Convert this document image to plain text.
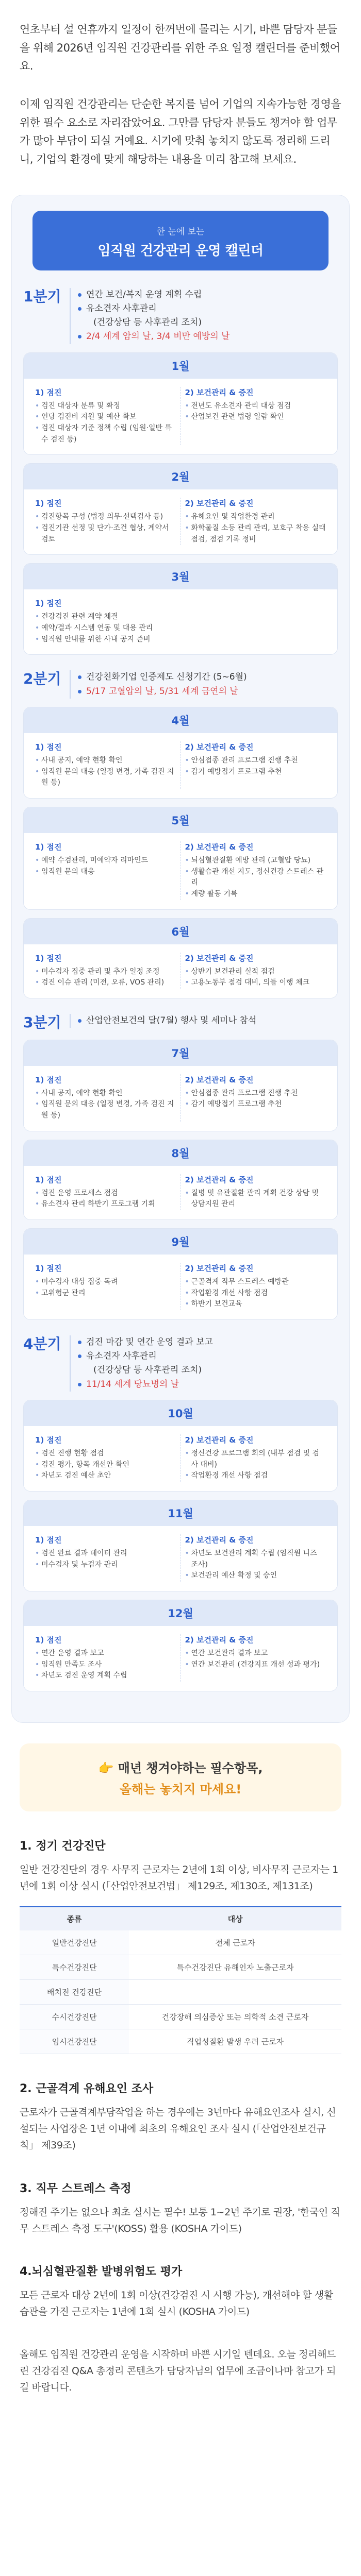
연초부터 설 연휴까지 일정이 한꺼번에 몰리는 시기, 바쁜 담당자 분들을 위해 2026년 임직원 건강관리를 위한 주요 일정 캘린더를 준비했어요.

이제 임직원 건강관리는 단순한 복지를 넘어 기업의 지속가능한 경영을 위한 필수 요소로 자리잡았어요. 그만큼 담당자 분들도 챙겨야 할 업무가 많아 부담이 되실 거예요. 시기에 맞춰 놓치지 않도록 정리해 드리니, 기업의 환경에 맞게 해당하는 내용을 미리 참고해 보세요.

한 눈에 보는
임직원 건강관리 운영 캘린더
1분기	연간 보건/복지 운영 계획 수립
유소견자 사후관리
(건강상담 등 사후관리 조치)
2/4 세계 암의 날, 3/4 비만 예방의 날
1월
1) 점진
• 검진 대상자 분류 및 확정
• 인당 검진비 지원 및 예산 확보
• 검진 대상자 기준 정책 수립 (임원·일반 특수 검진 등)
2) 보건관리 & 증진
• 전년도 유소견자 관리 대상 점검
• 산업보건 관련 법령 일람 확인
2월
1) 점진
• 검진항목 구성 (법정 의무·선택검사 등)
• 검진기관 선정 및 단가·조건 협상, 계약서 검토
2) 보건관리 & 증진
• 유해요인 및 작업환경 관리
• 화학물질 소등 관리 관리, 보호구 착용 실태 점검, 점검 기록 정비
3월
1) 점진
• 건강검진 관련 계약 체결
• 예약/결과 시스템 연동 및 대용 관리
• 임직원 안내를 위한 사내 공지 준비
2분기	건강친화기업 인증제도 신청기간 (5~6월)
5/17 고혈압의 날, 5/31 세계 금연의 날
4월
1) 점진
• 사내 공지, 예약 현황 확인
• 임직원 문의 대응 (일정 변경, 가족 검진 지원 등)
2) 보건관리 & 증진
• 안심접종 관리 프로그램 진행 추천
• 감기 예방접기 프로그램 추천
5월
1) 점진
• 예약 수검관리, 미예약자 리마인드
• 임직원 문의 대응
2) 보건관리 & 증진
• 뇌심혈관질환 예방 관리 (고혈압 당뇨)
• 생활습관 개선 지도, 정신건강 스트레스 관리
• 계량 활동 기록
6월
1) 점진
• 미수검자 집중 관리 및 추가 일정 조정
• 검진 이슈 관리 (미전, 오류, VOS 관리)
2) 보건관리 & 증진
• 상반기 보건관리 실적 점검
• 고용노동부 점검 대비, 의들 이행 체크
3분기	산업안전보건의 달(7월) 행사 및 세미나 참석
7월
1) 점진
• 사내 공지, 예약 현황 확인
• 임직원 문의 대응 (일정 변경, 가족 검진 지원 등)
2) 보건관리 & 증진
• 안심접종 관리 프로그램 진행 추천
• 감기 예방접기 프로그램 추천
8월
1) 점진
• 검진 운영 프로세스 점검
• 유소견자 관리 하반기 프로그램 기획
2) 보건관리 & 증진
• 질병 및 유관질환 관리 계획 건강 상담 및 상담지원 관리
9월
1) 점진
• 미수검자 대상 집중 독려
• 고위험군 관리
2) 보건관리 & 증진
• 근골격계 직무 스트레스 예방관
• 작업환경 개선 사항 점검
• 하반기 보건교육
4분기	검진 마감 및 연간 운영 결과 보고
유소견자 사후관리
(건강상담 등 사후관리 조치)
11/14 세계 당뇨병의 날
10월
1) 점진
• 검진 진행 현황 점검
• 검진 평가, 항목 개선안 확인
• 차년도 검진 예산 초안
2) 보건관리 & 증진
• 정신건강 프로그램 회의 (내부 점검 및 검사 대비)
• 작업환경 개선 사항 점검
11월
1) 점진
• 검진 완료 결과 데이터 관리
• 미수검자 및 누검자 관리
2) 보건관리 & 증진
• 차년도 보건관리 계획 수립 (임직원 니즈 조사)
• 보건관리 예산 확정 및 승인
12월
1) 점진
• 연간 운영 결과 보고
• 임직원 만족도 조사
• 차년도 검진 운영 계획 수립
2) 보건관리 & 증진
• 연간 보건관리 결과 보고
• 연간 보건관리 (건강지표 개선 성과 평가)
👉 매년 챙겨야하는 필수항목,
올해는 놓치지 마세요!
1. 정기 건강진단

일반 건강진단의 경우 사무직 근로자는 2년에 1회 이상, 비사무직 근로자는 1년에 1회 이상 실시 (「산업안전보건법」 제129조, 제130조, 제131조)

종류	대상
일반건강진단	전체 근로자
특수건강진단	특수건강진단 유해인자 노출근로자
배치전 건강진단	
수시건강진단	건강장해 의심증상 또는 의학적 소견 근로자
임시건강진단	직업성질환 발생 우려 근로자
2. 근골격계 유해요인 조사

근로자가 근골격계부담작업을 하는 경우에는 3년마다 유해요인조사 실시, 신설되는 사업장은 1년 이내에 최초의 유해요인 조사 실시 (「산업안전보건규칙」 제39조)

3. 직무 스트레스 측정

정해진 주기는 없으나 최초 실시는 필수! 보통 1~2년 주기로 권장, '한국인 직무 스트레스 측정 도구'(KOSS) 활용 (KOSHA 가이드)

4.뇌심혈관질환 발병위험도 평가

모든 근로자 대상 2년에 1회 이상(건강검진 시 시행 가능), 개선해야 할 생활습관을 가진 근로자는 1년에 1회 실시 (KOSHA 가이드)

올해도 임직원 건강관리 운영을 시작하며 바쁜 시기일 텐데요. 오늘 정리해드린 건강검진 Q&A 총정리 콘텐츠가 담당자님의 업무에 조금이나마 참고가 되길 바랍니다.
